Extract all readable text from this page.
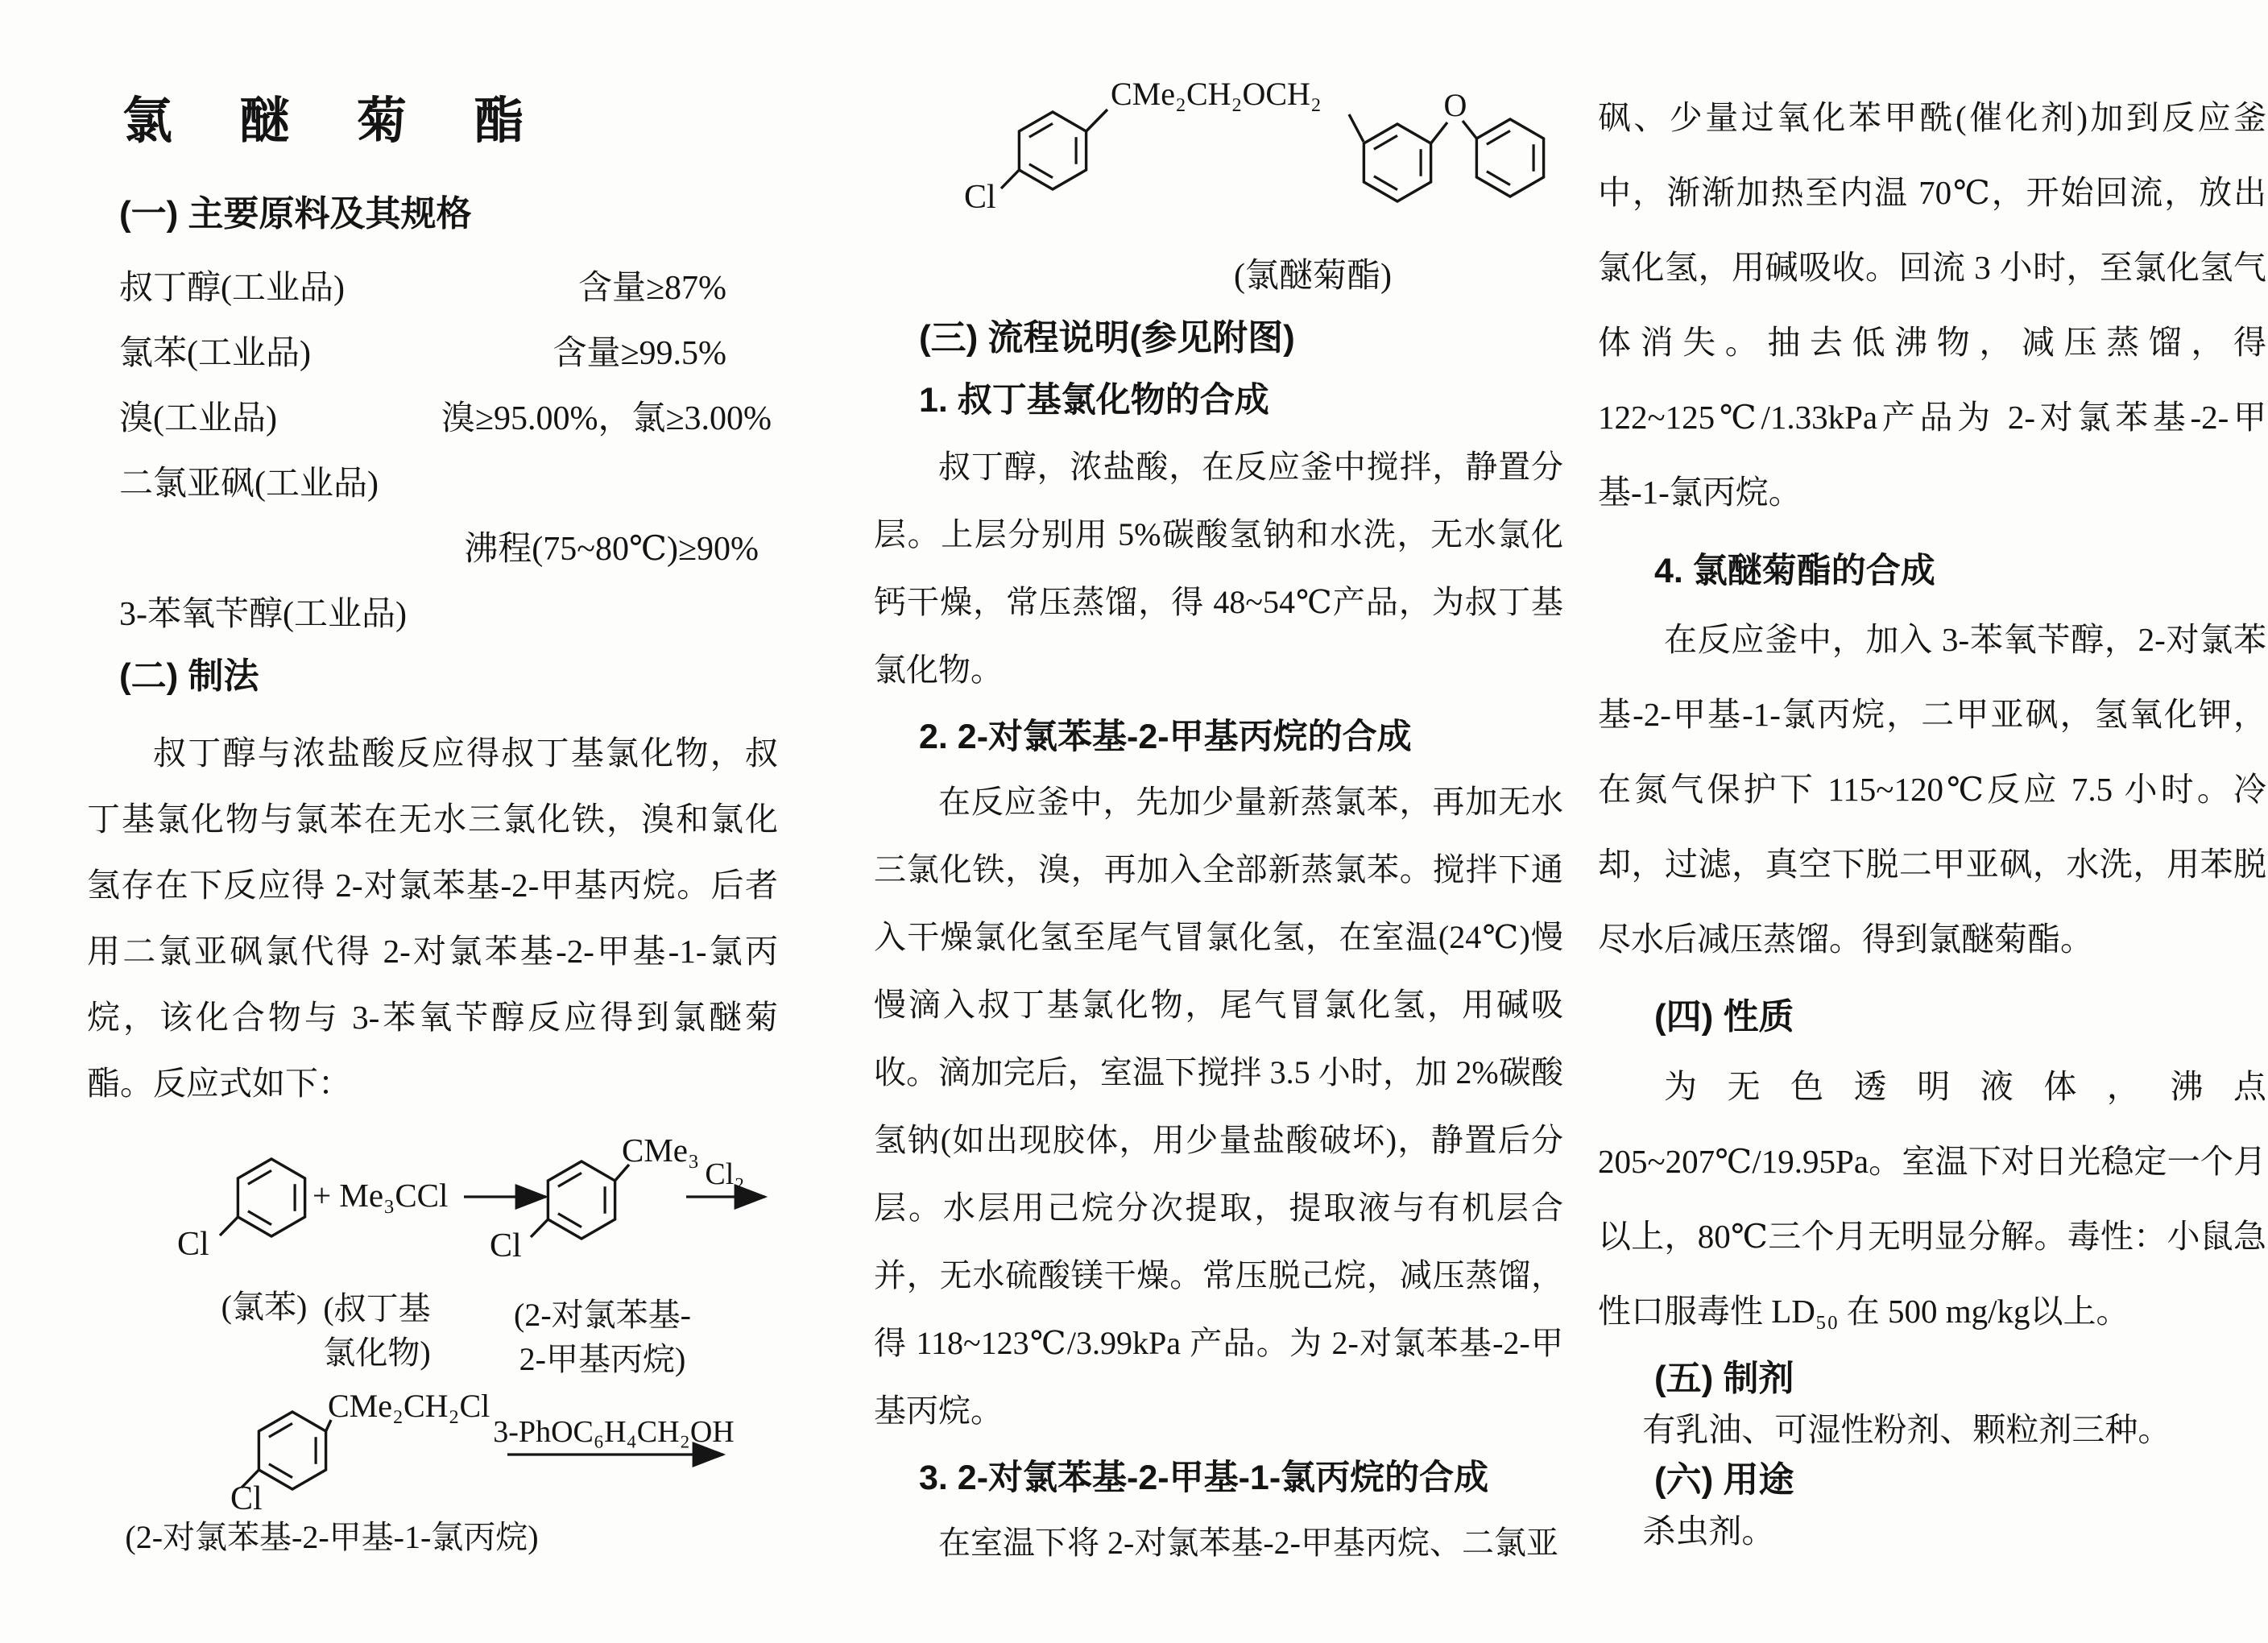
氯 醚 菊 酯
(一) 主要原料及其规格
叔丁醇(工业品)	含量≥87%
氯苯(工业品)	含量≥99.5%
溴(工业品)	溴≥95.00%，氯≥3.00%
二氯亚砜(工业品)
沸程(75~80℃)≥90%
3-苯氧苄醇(工业品)
(二) 制法

叔丁醇与浓盐酸反应得叔丁基氯化物，叔丁基氯化物与氯苯在无水三氯化铁，溴和氯化氢存在下反应得 2-对氯苯基-2-甲基丙烷。后者用二氯亚砜氯代得 2-对氯苯基-2-甲基-1-氯丙烷，该化合物与 3-苯氧苄醇反应得到氯醚菊酯。反应式如下：

Cl
+ Me₃CCl
CMe₃
Cl
Cl₂
(氯苯) (叔丁基
氯化物)
(2-对氯苯基-
2-甲基丙烷)
CMe₂CH₂Cl
Cl
3-PhOC₆H₄CH₂OH
(2-对氯苯基-2-甲基-1-氯丙烷)
Cl
CMe₂CH₂OCH₂	O
(氯醚菊酯)
(三) 流程说明(参见附图)
1. 叔丁基氯化物的合成

叔丁醇，浓盐酸，在反应釜中搅拌，静置分层。上层分别用 5%碳酸氢钠和水洗，无水氯化钙干燥，常压蒸馏，得 48~54℃产品，为叔丁基氯化物。

2. 2-对氯苯基-2-甲基丙烷的合成

在反应釜中，先加少量新蒸氯苯，再加无水三氯化铁，溴，再加入全部新蒸氯苯。搅拌下通入干燥氯化氢至尾气冒氯化氢，在室温(24℃)慢慢滴入叔丁基氯化物，尾气冒氯化氢，用碱吸收。滴加完后，室温下搅拌 3.5 小时，加 2%碳酸氢钠(如出现胶体，用少量盐酸破坏)，静置后分层。水层用己烷分次提取，提取液与有机层合并，无水硫酸镁干燥。常压脱己烷，减压蒸馏，得 118~123℃/3.99kPa 产品。为 2-对氯苯基-2-甲基丙烷。

3. 2-对氯苯基-2-甲基-1-氯丙烷的合成

在室温下将 2-对氯苯基-2-甲基丙烷、二氯亚

砜、少量过氧化苯甲酰(催化剂)加到反应釜中，渐渐加热至内温 70℃，开始回流，放出氯化氢，用碱吸收。回流 3 小时，至氯化氢气体消失。抽去低沸物，减压蒸馏，得 122~125℃/1.33kPa产品为 2-对氯苯基-2-甲基-1-氯丙烷。

4. 氯醚菊酯的合成

在反应釜中，加入 3-苯氧苄醇，2-对氯苯基-2-甲基-1-氯丙烷，二甲亚砜，氢氧化钾，在氮气保护下 115~120℃反应 7.5 小时。冷却，过滤，真空下脱二甲亚砜，水洗，用苯脱尽水后减压蒸馏。得到氯醚菊酯。

(四) 性质

为无色透明液体，沸点 205~207℃/19.95Pa。室温下对日光稳定一个月以上，80℃三个月无明显分解。毒性：小鼠急性口服毒性 LD₅₀ 在 500 mg/kg以上。

(五) 制剂

有乳油、可湿性粉剂、颗粒剂三种。

(六) 用途

杀虫剂。
